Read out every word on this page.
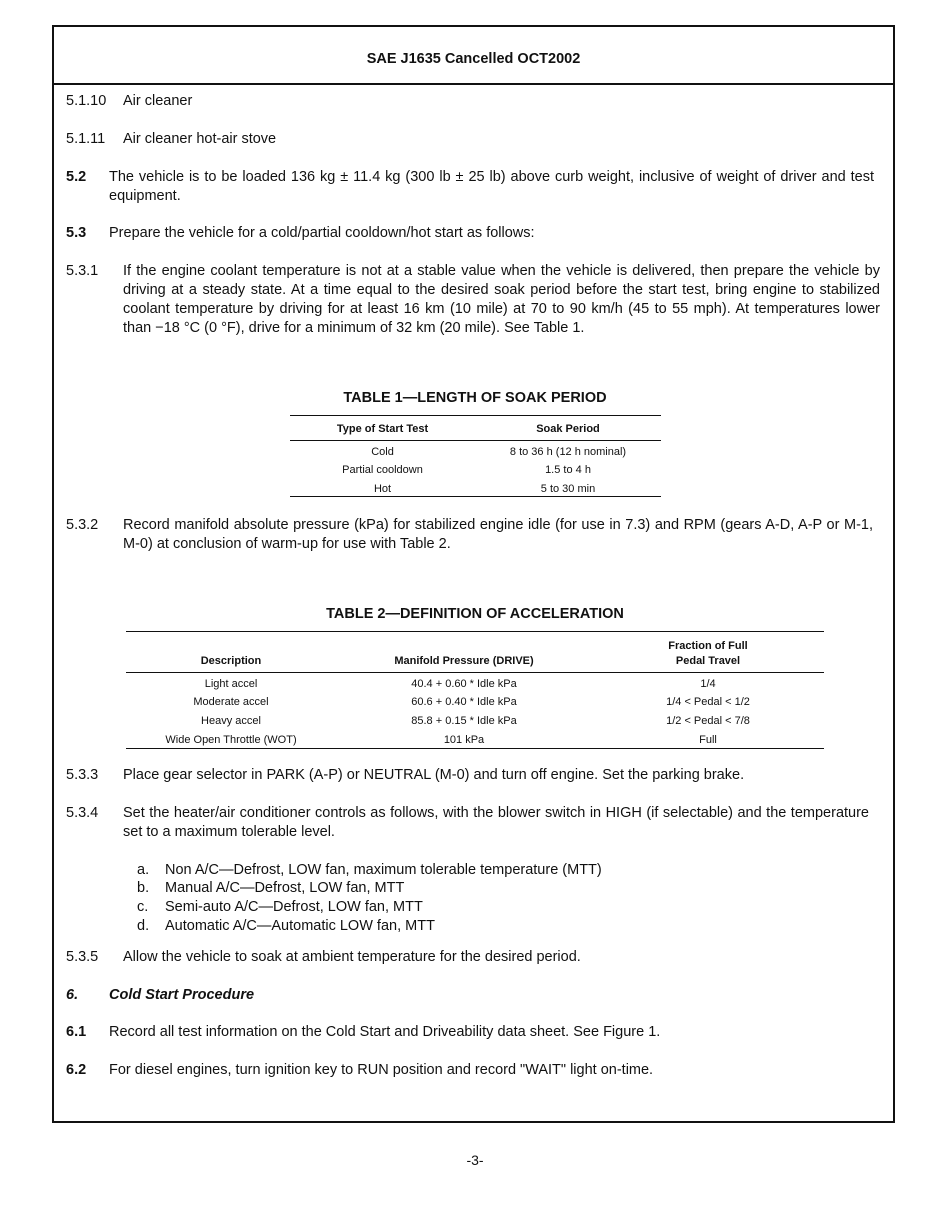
SAE J1635 Cancelled OCT2002
5.1.10 Air cleaner
5.1.11 Air cleaner hot-air stove
5.2 The vehicle is to be loaded 136 kg ± 11.4 kg (300 lb ± 25 lb) above curb weight, inclusive of weight of driver and test equipment.
5.3 Prepare the vehicle for a cold/partial cooldown/hot start as follows:
5.3.1 If the engine coolant temperature is not at a stable value when the vehicle is delivered, then prepare the vehicle by driving at a steady state. At a time equal to the desired soak period before the start test, bring engine to stabilized coolant temperature by driving for at least 16 km (10 mile) at 70 to 90 km/h (45 to 55 mph). At temperatures lower than −18 °C (0 °F), drive for a minimum of 32 km (20 mile). See Table 1.
TABLE 1—LENGTH OF SOAK PERIOD
Type of Start Test	Soak Period
Cold	8 to 36 h (12 h nominal)
Partial cooldown	1.5 to 4 h
Hot	5 to 30 min
5.3.2 Record manifold absolute pressure (kPa) for stabilized engine idle (for use in 7.3) and RPM (gears A-D, A-P or M-1, M-0) at conclusion of warm-up for use with Table 2.
TABLE 2—DEFINITION OF ACCELERATION
Description	Manifold Pressure (DRIVE)
Fraction of Full
Pedal Travel
Light accel	40.4 + 0.60 * Idle kPa	1/4
Moderate accel	60.6 + 0.40 * Idle kPa	1/4 < Pedal < 1/2
Heavy accel	85.8 + 0.15 * Idle kPa	1/2 < Pedal < 7/8
Wide Open Throttle (WOT)	101 kPa	Full
5.3.3 Place gear selector in PARK (A-P) or NEUTRAL (M-0) and turn off engine. Set the parking brake.
5.3.4 Set the heater/air conditioner controls as follows, with the blower switch in HIGH (if selectable) and the temperature set to a maximum tolerable level.
a. Non A/C—Defrost, LOW fan, maximum tolerable temperature (MTT)
b. Manual A/C—Defrost, LOW fan, MTT
c. Semi-auto A/C—Defrost, LOW fan, MTT
d. Automatic A/C—Automatic LOW fan, MTT
5.3.5 Allow the vehicle to soak at ambient temperature for the desired period.
6. Cold Start Procedure
6.1 Record all test information on the Cold Start and Driveability data sheet. See Figure 1.
6.2 For diesel engines, turn ignition key to RUN position and record "WAIT" light on-time.
-3-
